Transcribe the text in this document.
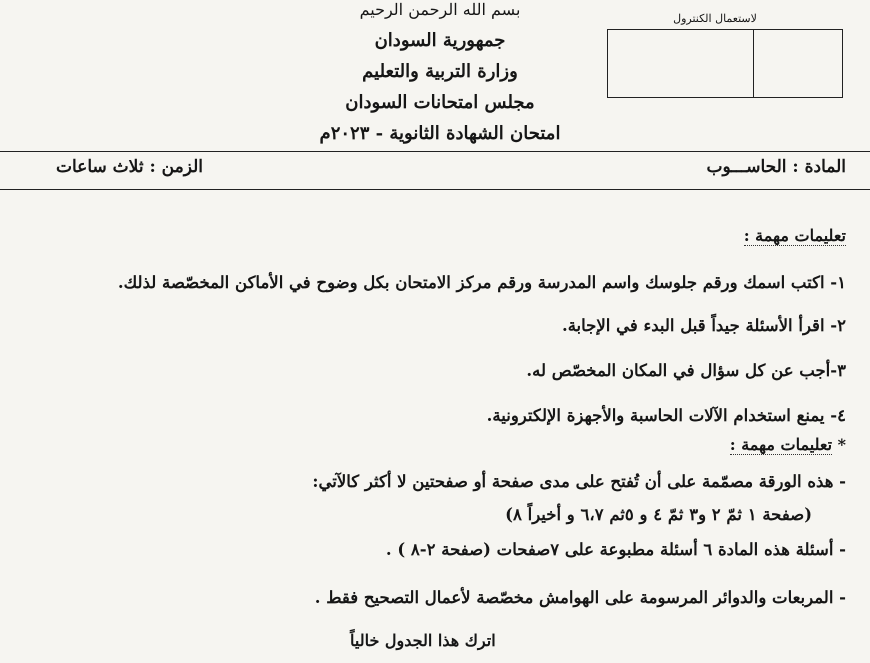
بسم الله الرحمن الرحيم
جمهورية السودان
وزارة التربية والتعليم
مجلس امتحانات السودان
امتحان الشهادة الثانوية - ٢٠٢٣م
لاستعمال الكنترول
المادة : الحاســـوب
الزمن : ثلاث ساعات
تعليمات مهمة :
١- اكتب اسمك ورقم جلوسك واسم المدرسة ورقم مركز الامتحان بكل وضوح في الأماكن المخصّصة لذلك.
٢- اقرأ الأسئلة جيداً قبل البدء في الإجابة.
٣-أجب عن كل سؤال في المكان المخصّص له.
٤- يمنع استخدام الآلات الحاسبة والأجهزة الإلكترونية.
* تعليمات مهمة :
- هذه الورقة مصمّمة على أن تُفتح على مدى صفحة أو صفحتين لا أكثر كالآتي:
(صفحة ١ ثمّ ٢ و٣ ثمّ ٤ و ٥ثم ٦،٧ و أخيراً ٨)
- أسئلة هذه المادة ٦ أسئلة مطبوعة على ٧صفحات (صفحة ٢-٨ ) .
- المربعات والدوائر المرسومة على الهوامش مخصّصة لأعمال التصحيح فقط .
اترك هذا الجدول خالياً
